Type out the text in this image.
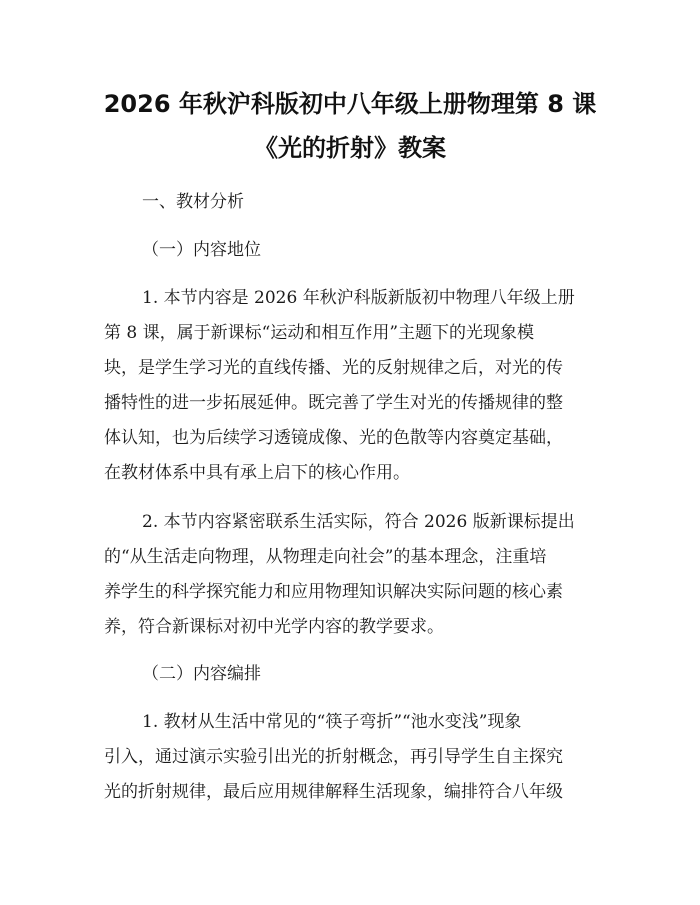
2026 年秋沪科版初中八年级上册物理第 8 课
《光的折射》教案
一、教材分析
（一）内容地位
1. 本节内容是 2026 年秋沪科版新版初中物理八年级上册
第 8 课，属于新课标“运动和相互作用”主题下的光现象模
块，是学生学习光的直线传播、光的反射规律之后，对光的传
播特性的进一步拓展延伸。既完善了学生对光的传播规律的整
体认知，也为后续学习透镜成像、光的色散等内容奠定基础，
在教材体系中具有承上启下的核心作用。
2. 本节内容紧密联系生活实际，符合 2026 版新课标提出
的“从生活走向物理，从物理走向社会”的基本理念，注重培
养学生的科学探究能力和应用物理知识解决实际问题的核心素
养，符合新课标对初中光学内容的教学要求。
（二）内容编排
1. 教材从生活中常见的“筷子弯折”“池水变浅”现象
引入，通过演示实验引出光的折射概念，再引导学生自主探究
光的折射规律，最后应用规律解释生活现象，编排符合八年级
